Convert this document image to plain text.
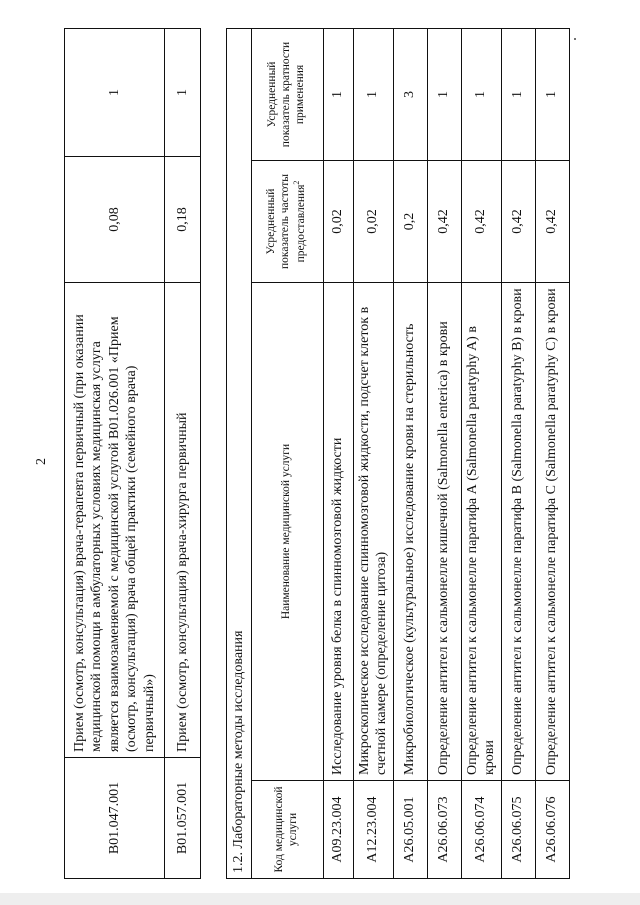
2
B01.047.001	Прием (осмотр, консультация) врача-терапевта первичный (при оказании медицинской помощи в амбулаторных условиях медицинская услуга является взаимозаменяемой с медицинской услугой B01.026.001 «Прием (осмотр, консультация) врача общей практики (семейного врача) первичный»)	0,08	1
B01.057.001	Прием (осмотр, консультация) врача-хирурга первичный	0,18	1
1.2. Лабораторные методы исследования			
Код медицинской услуги	Наименование медицинской услуги	Усредненный показатель частоты предоставления$^2$	Усредненный показатель кратности применения
A09.23.004	Исследование уровня белка в спинномозговой жидкости	0,02	1
A12.23.004	Микроскопическое исследование спинномозговой жидкости, подсчет клеток в счетной камере (определение цитоза)	0,02	1
A26.05.001	Микробиологическое (культуральное) исследование крови на стерильность	0,2	3
A26.06.073	Определение антител к сальмонелле кишечной (Salmonella enterica) в крови	0,42	1
A26.06.074	Определение антител к сальмонелле паратифа А (Salmonella paratyphy A) в крови	0,42	1
A26.06.075	Определение антител к сальмонелле паратифа В (Salmonella paratyphy B) в крови	0,42	1
A26.06.076	Определение антител к сальмонелле паратифа С (Salmonella paratyphy C) в крови	0,42	1
